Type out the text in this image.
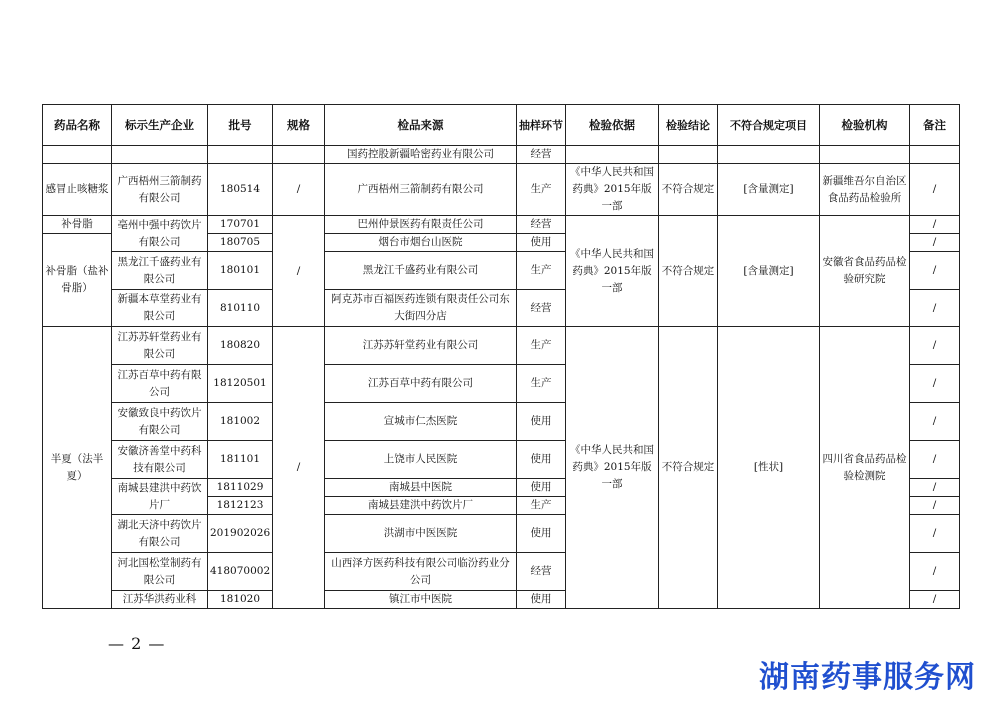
药品名称	标示生产企业	批号	规格	检品来源	抽样环节	检验依据	检验结论	不符合规定项目	检验机构	备注
				国药控股新疆哈密药业有限公司	经营					
感冒止咳糖浆	广西梧州三箭制药有限公司	180514	/	广西梧州三箭制药有限公司	生产	《中华人民共和国药典》2015年版一部	不符合规定	[含量测定]	新疆维吾尔自治区食品药品检验所	/
补骨脂	亳州中强中药饮片有限公司	170701	/	巴州仲景医药有限责任公司	经营	《中华人民共和国药典》2015年版一部	不符合规定	[含量测定]	安徽省食品药品检验研究院	/
补骨脂（盐补骨脂）		180705		烟台市烟台山医院	使用					/
	黑龙江千盛药业有限公司	180101		黑龙江千盛药业有限公司	生产					/
	新疆本草堂药业有限公司	810110		阿克苏市百福医药连锁有限责任公司东大街四分店	经营					/
半夏（法半夏）	江苏苏轩堂药业有限公司	180820	/	江苏苏轩堂药业有限公司	生产	《中华人民共和国药典》2015年版一部	不符合规定	[性状]	四川省食品药品检验检测院	/
	江苏百草中药有限公司	18120501		江苏百草中药有限公司	生产					/
	安徽致良中药饮片有限公司	181002		宣城市仁杰医院	使用					/
	安徽济善堂中药科技有限公司	181101		上饶市人民医院	使用					/
	南城县建洪中药饮片厂	1811029		南城县中医院	使用					/
		1812123		南城县建洪中药饮片厂	生产					/
	湖北天济中药饮片有限公司	201902026		洪湖市中医医院	使用					/
	河北国松堂制药有限公司	418070002		山西泽方医药科技有限公司临汾药业分公司	经营					/
	江苏华洪药业科	181020		镇江市中医院	使用					/
— 2 —
湖南药事服务网
